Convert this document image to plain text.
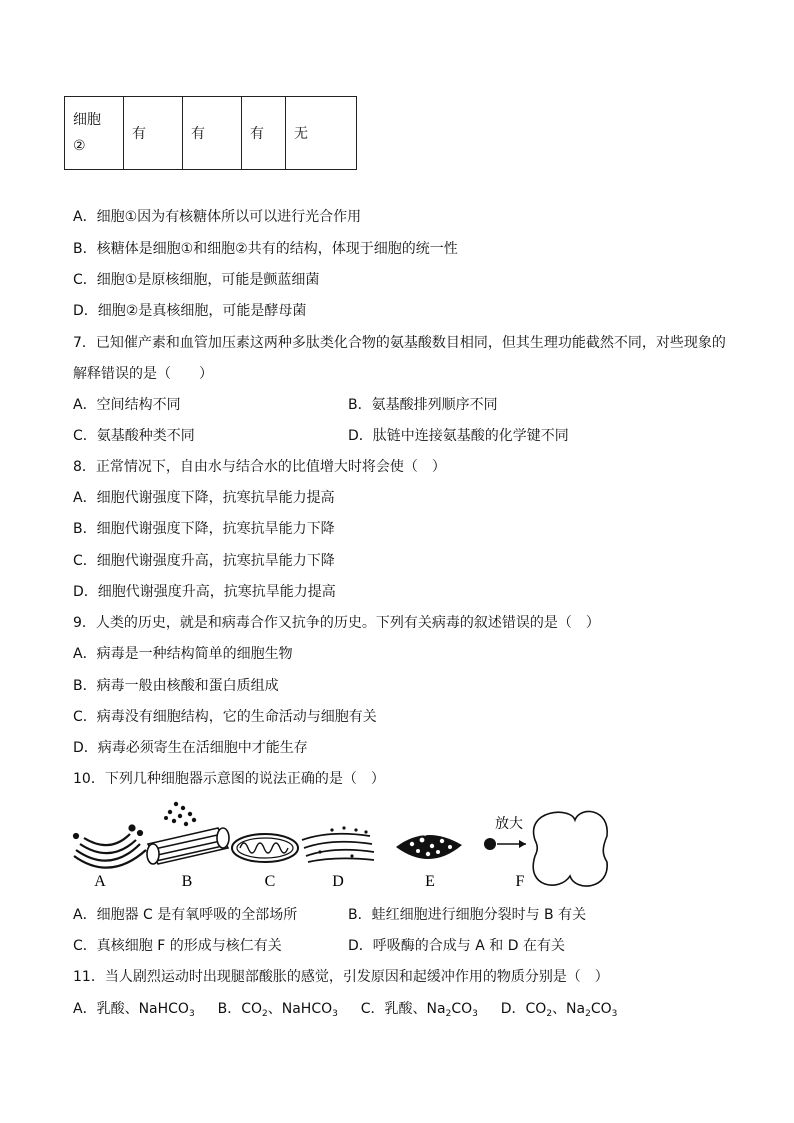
细胞
②	有	有	有	无
A．细胞①因为有核糖体所以可以进行光合作用
B．核糖体是细胞①和细胞②共有的结构，体现于细胞的统一性
C．细胞①是原核细胞，可能是颤蓝细菌
D．细胞②是真核细胞，可能是酵母菌
7．已知催产素和血管加压素这两种多肽类化合物的氨基酸数目相同，但其生理功能截然不同，对些现象的
解释错误的是（　　）
A．空间结构不同	B．氨基酸排列顺序不同
C．氨基酸种类不同	D．肽链中连接氨基酸的化学键不同
8．正常情况下，自由水与结合水的比值增大时将会使（　）
A．细胞代谢强度下降，抗寒抗旱能力提高
B．细胞代谢强度下降，抗寒抗旱能力下降
C．细胞代谢强度升高，抗寒抗旱能力下降
D．细胞代谢强度升高，抗寒抗旱能力提高
9．人类的历史，就是和病毒合作又抗争的历史。下列有关病毒的叙述错误的是（　）
A．病毒是一种结构简单的细胞生物
B．病毒一般由核酸和蛋白质组成
C．病毒没有细胞结构，它的生命活动与细胞有关
D．病毒必须寄生在活细胞中才能生存
10．下列几种细胞器示意图的说法正确的是（　）
放大
A	B	C	D	E	F
A．细胞器 C 是有氧呼吸的全部场所	B．蛙红细胞进行细胞分裂时与 B 有关
C．真核细胞 F 的形成与核仁有关	D．呼吸酶的合成与 A 和 D 在有关
11．当人剧烈运动时出现腿部酸胀的感觉，引发原因和起缓冲作用的物质分别是（　）
A．乳酸、NaHCO$_3$ B．$CO_2$、NaHCO$_3$ C．乳酸、$Na_2CO_3$ D．$CO_2$、$Na_2CO_3$
